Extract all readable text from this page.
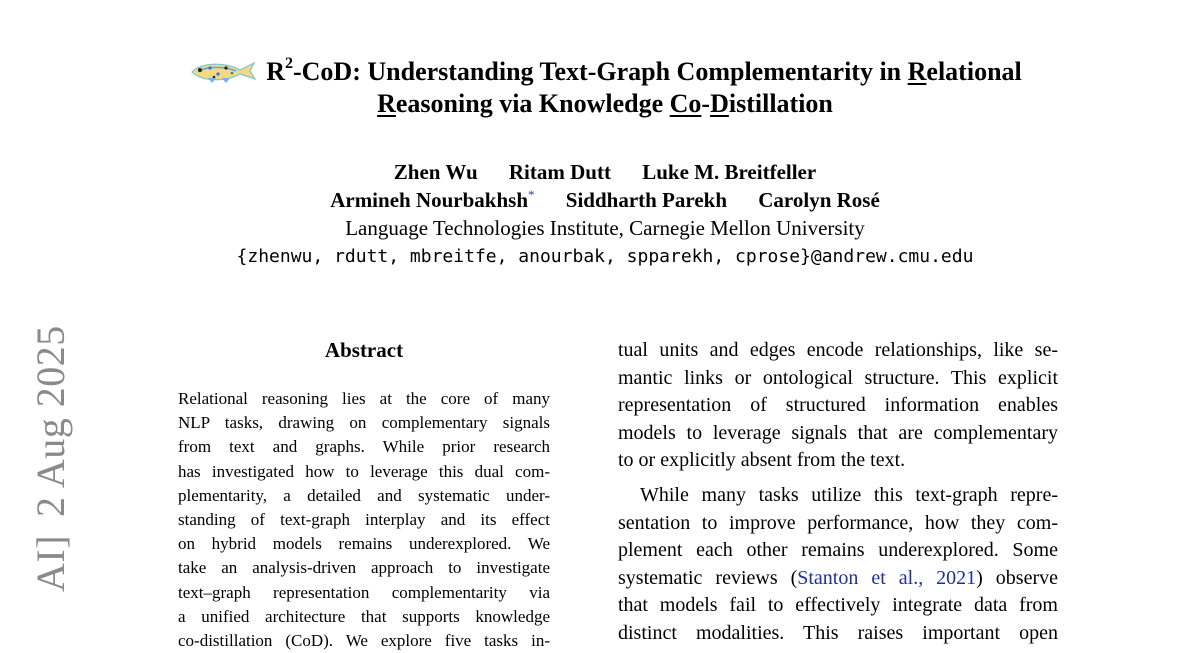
AI]2 Aug 2025
$R^2$-CoD: Understanding Text-Graph Complementarity in Relational
Reasoning via Knowledge Co-Distillation
Zhen Wu Ritam Dutt Luke M. Breitfeller
Armineh Nourbakhsh* Siddharth Parekh Carolyn Rosé
Language Technologies Institute, Carnegie Mellon University
{zhenwu, rdutt, mbreitfe, anourbak, spparekh, cprose}@andrew.cmu.edu
Abstract
Relational reasoning lies at the core of many
NLP tasks, drawing on complementary signals
from text and graphs. While prior research
has investigated how to leverage this dual com-
plementarity, a detailed and systematic under-
standing of text-graph interplay and its effect
on hybrid models remains underexplored. We
take an analysis-driven approach to investigate
text–graph representation complementarity via
a unified architecture that supports knowledge
co-distillation (CoD). We explore five tasks in-
tual units and edges encode relationships, like se-
mantic links or ontological structure. This explicit
representation of structured information enables
models to leverage signals that are complementary
to or explicitly absent from the text.
While many tasks utilize this text-graph repre-
sentation to improve performance, how they com-
plement each other remains underexplored. Some
systematic reviews (Stanton et al., 2021) observe
that models fail to effectively integrate data from
distinct modalities. This raises important open
